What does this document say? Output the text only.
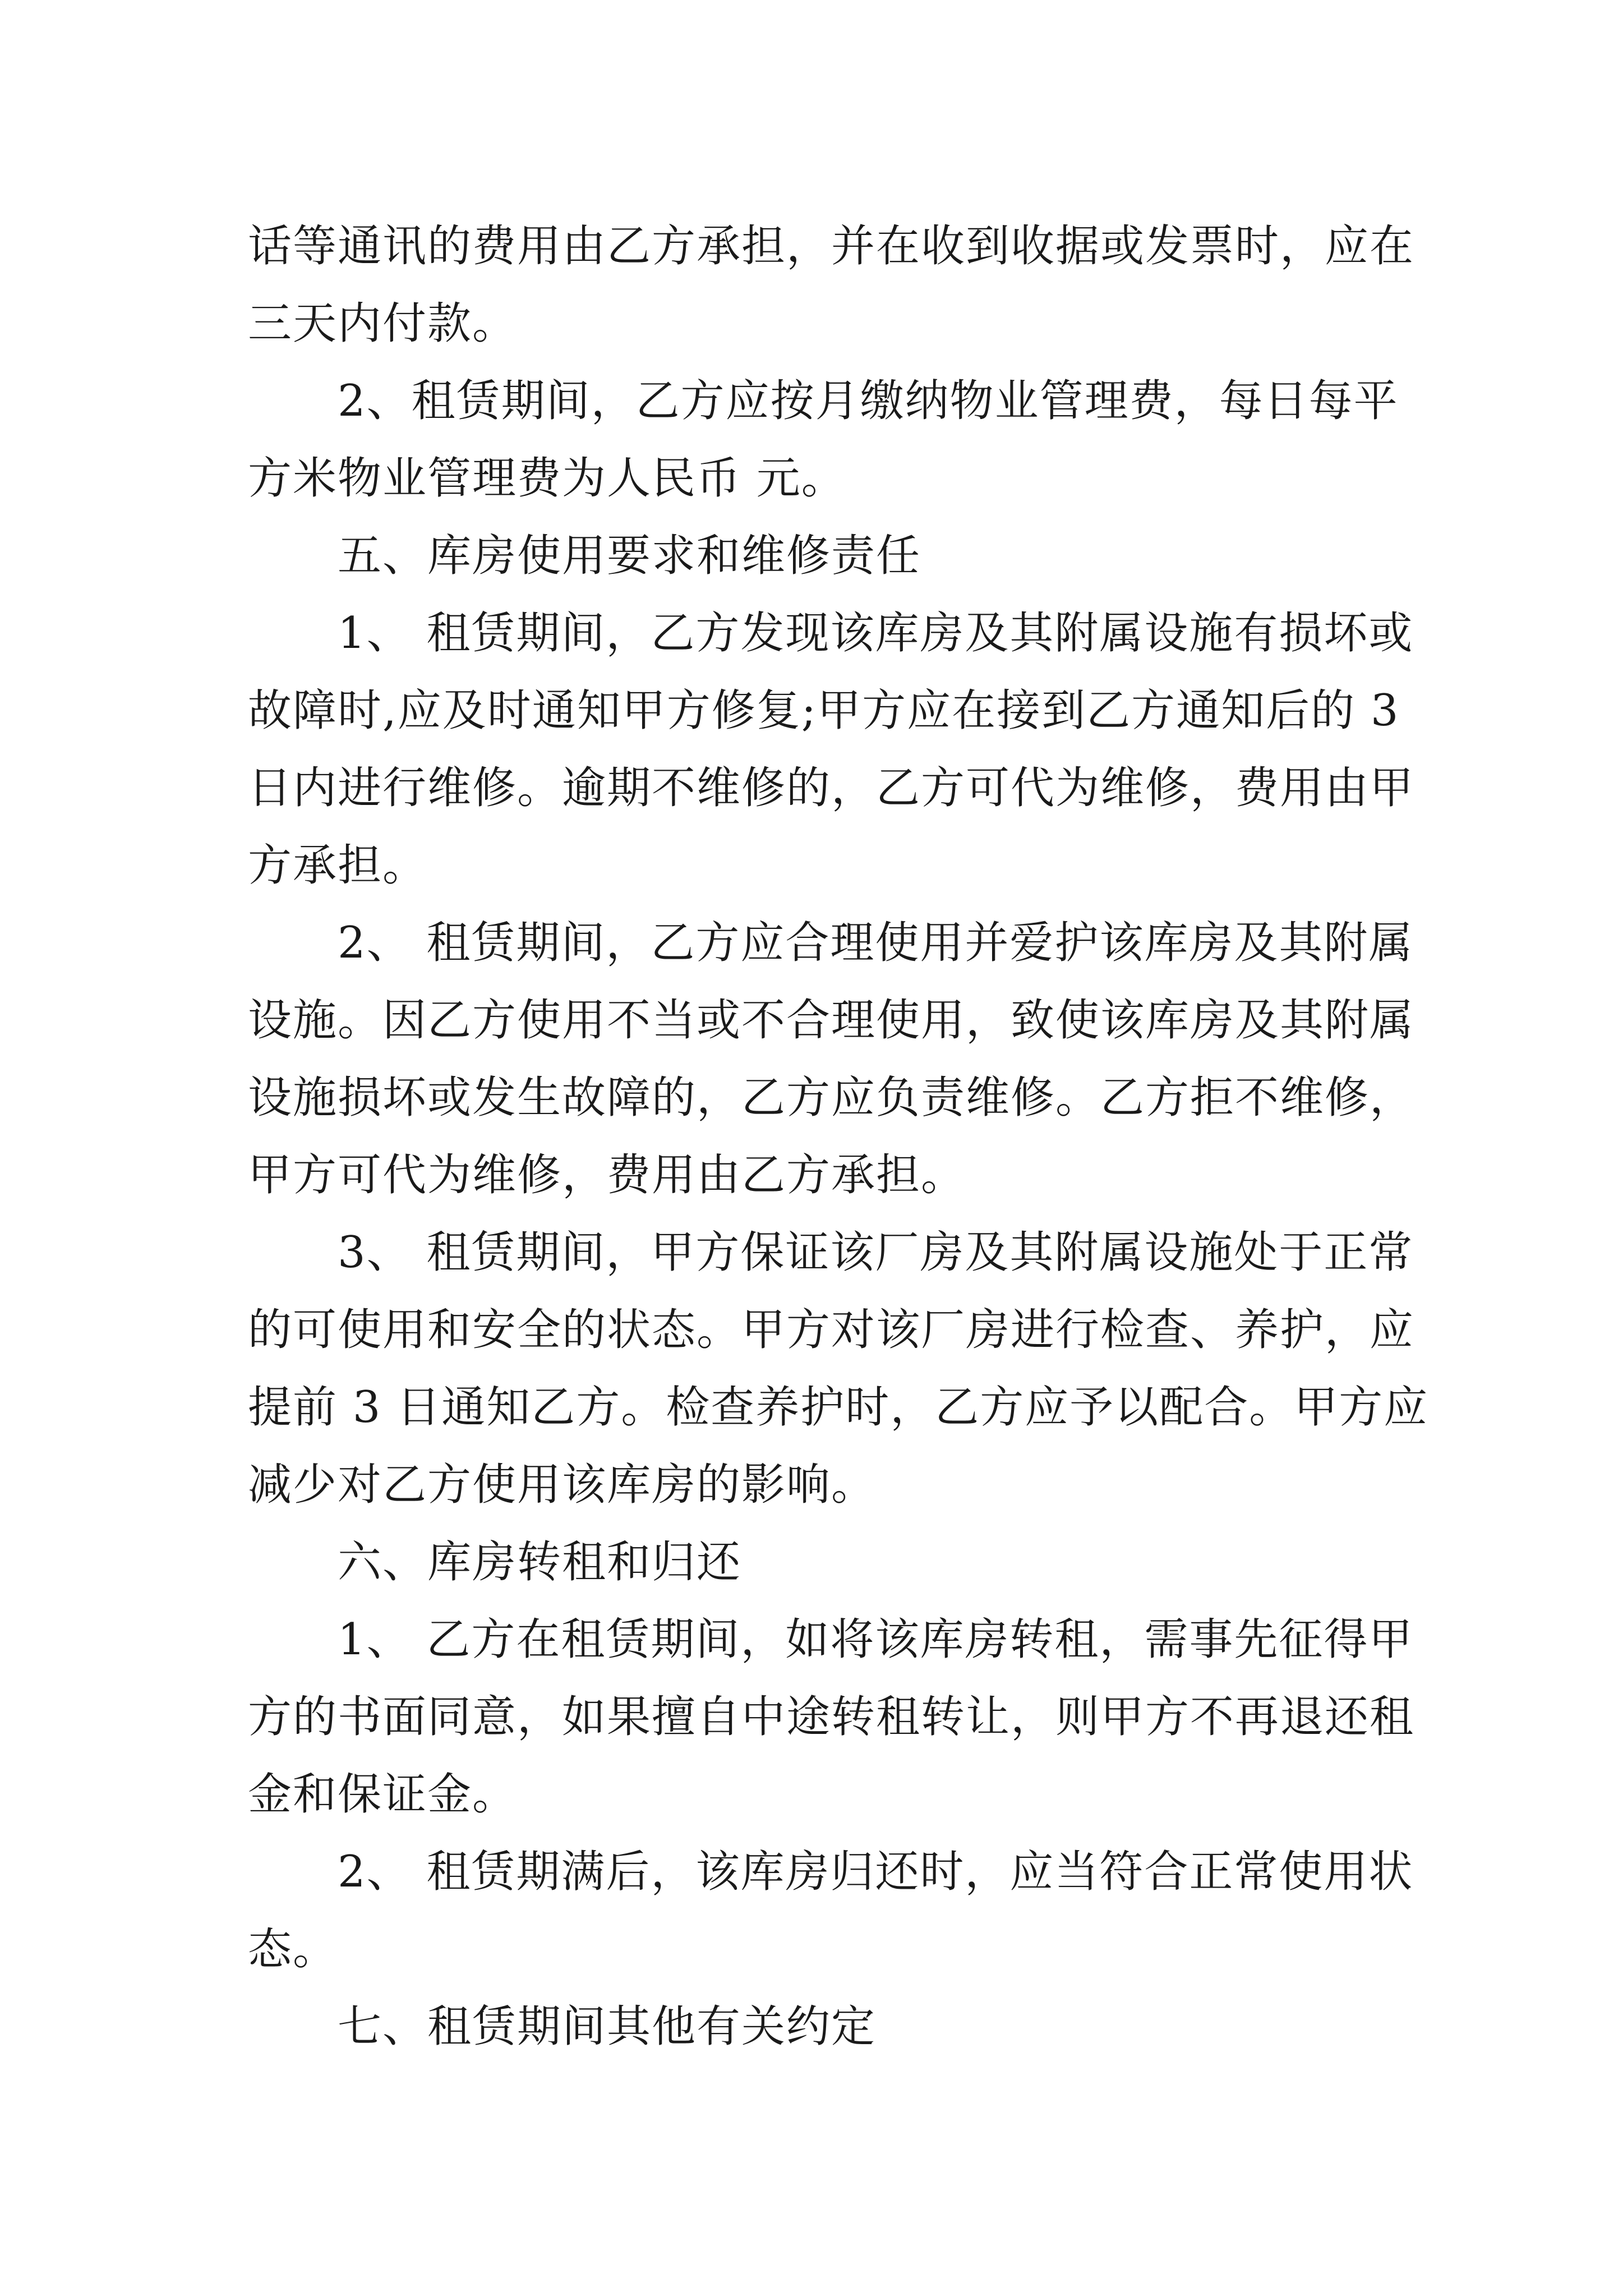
话等通讯的费用由乙方承担，并在收到收据或发票时，应在
三天内付款。
2、租赁期间，乙方应按月缴纳物业管理费，每日每平
方米物业管理费为人民币 元。
五、库房使用要求和维修责任
1、 租赁期间，乙方发现该库房及其附属设施有损坏或
故障时,应及时通知甲方修复;甲方应在接到乙方通知后的 3
日内进行维修。逾期不维修的，乙方可代为维修，费用由甲
方承担。
2、 租赁期间，乙方应合理使用并爱护该库房及其附属
设施。因乙方使用不当或不合理使用，致使该库房及其附属
设施损坏或发生故障的，乙方应负责维修。乙方拒不维修，
甲方可代为维修，费用由乙方承担。
3、 租赁期间，甲方保证该厂房及其附属设施处于正常
的可使用和安全的状态。甲方对该厂房进行检查、养护，应
提前 3 日通知乙方。检查养护时，乙方应予以配合。甲方应
减少对乙方使用该库房的影响。
六、库房转租和归还
1、 乙方在租赁期间，如将该库房转租，需事先征得甲
方的书面同意，如果擅自中途转租转让，则甲方不再退还租
金和保证金。
2、 租赁期满后，该库房归还时，应当符合正常使用状
态。
七、租赁期间其他有关约定
